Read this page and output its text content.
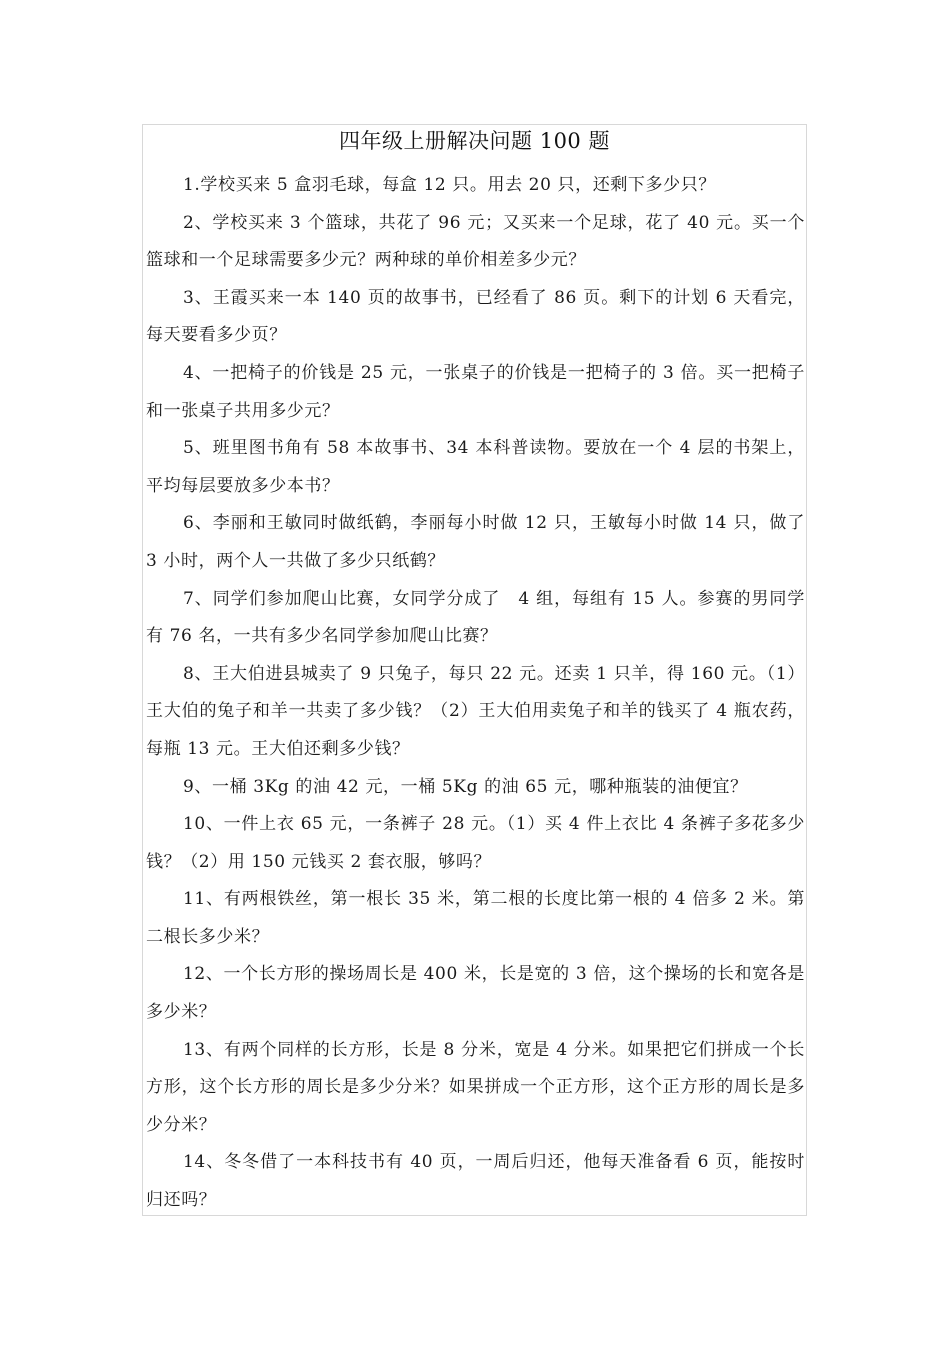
四年级上册解决问题 100 题

1.学校买来 5 盒羽毛球，每盒 12 只。用去 20 只，还剩下多少只？

2、学校买来 3 个篮球，共花了 96 元；又买来一个足球，花了 40 元。买一个篮球和一个足球需要多少元？两种球的单价相差多少元？

3、王霞买来一本 140 页的故事书，已经看了 86 页。剩下的计划 6 天看完，每天要看多少页？

4、一把椅子的价钱是 25 元，一张桌子的价钱是一把椅子的 3 倍。买一把椅子和一张桌子共用多少元？

5、班里图书角有 58 本故事书、34 本科普读物。要放在一个 4 层的书架上，平均每层要放多少本书？

6、李丽和王敏同时做纸鹤，李丽每小时做 12 只，王敏每小时做 14 只，做了 3 小时，两个人一共做了多少只纸鹤？

7、同学们参加爬山比赛，女同学分成了　4 组，每组有 15 人。参赛的男同学有 76 名，一共有多少名同学参加爬山比赛？

8、王大伯进县城卖了 9 只兔子，每只 22 元。还卖 1 只羊，得 160 元。（1）王大伯的兔子和羊一共卖了多少钱？（2）王大伯用卖兔子和羊的钱买了 4 瓶农药，每瓶 13 元。王大伯还剩多少钱？

9、一桶 3Kg 的油 42 元，一桶 5Kg 的油 65 元，哪种瓶装的油便宜？

10、一件上衣 65 元，一条裤子 28 元。（1）买 4 件上衣比 4 条裤子多花多少钱？（2）用 150 元钱买 2 套衣服，够吗？

11、有两根铁丝，第一根长 35 米，第二根的长度比第一根的 4 倍多 2 米。第二根长多少米？

12、一个长方形的操场周长是 400 米，长是宽的 3 倍，这个操场的长和宽各是多少米？

13、有两个同样的长方形，长是 8 分米，宽是 4 分米。如果把它们拼成一个长方形，这个长方形的周长是多少分米？如果拼成一个正方形，这个正方形的周长是多少分米？

14、冬冬借了一本科技书有 40 页，一周后归还，他每天准备看 6 页，能按时归还吗？
